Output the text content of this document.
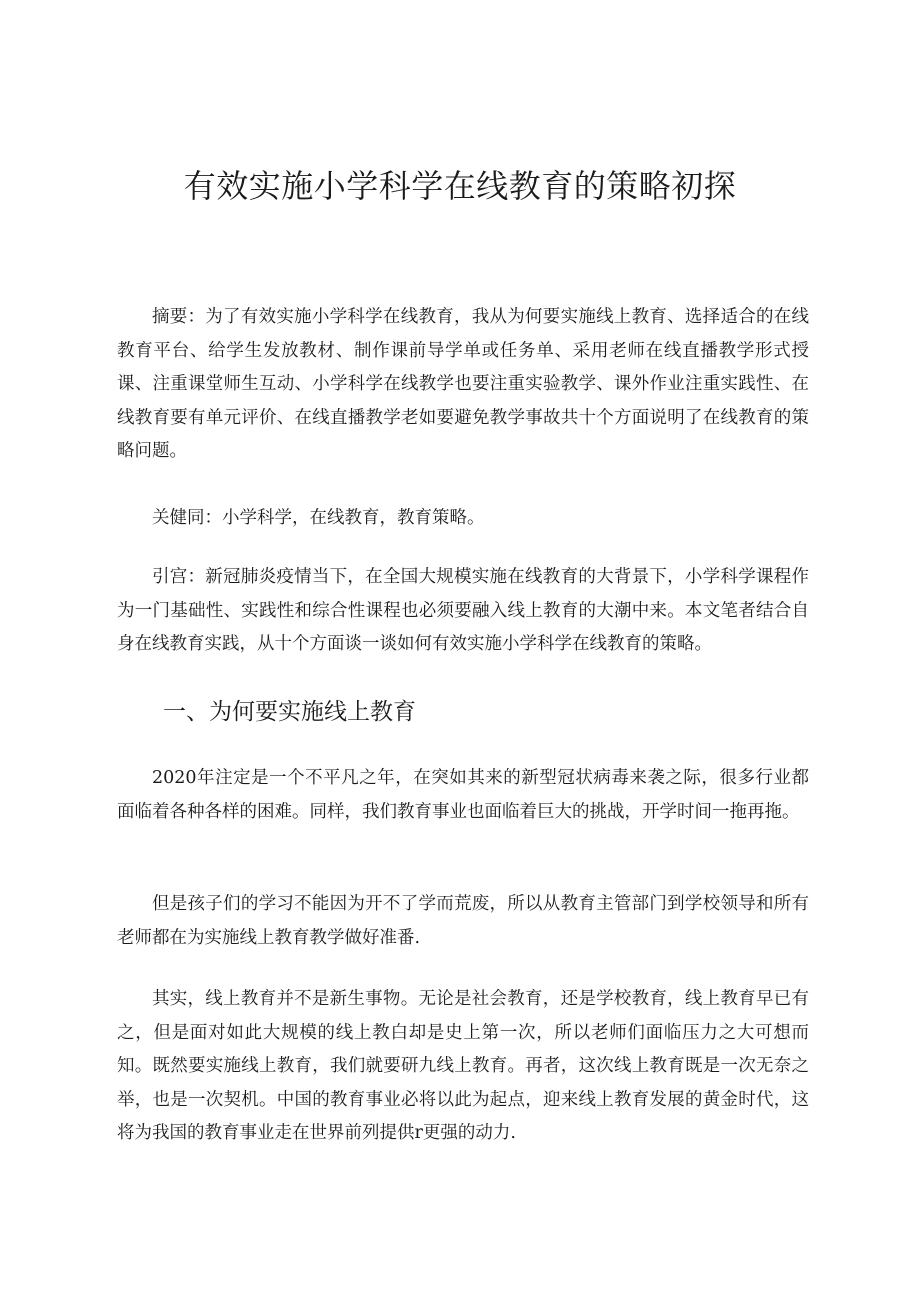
有效实施小学科学在线教育的策略初探

摘要：为了有效实施小学科学在线教育，我从为何要实施线上教育、选择适合的在线教育平台、给学生发放教材、制作课前导学单或任务单、采用老师在线直播教学形式授课、注重课堂师生互动、小学科学在线教学也要注重实验教学、课外作业注重实践性、在线教育要有单元评价、在线直播教学老如要避免教学事故共十个方面说明了在线教育的策略问题。

关健同：小学科学，在线教育，教育策略。

引宫：新冠肺炎疫情当下，在全国大规模实施在线教育的大背景下，小学科学课程作为一门基础性、实践性和综合性课程也必须要融入线上教育的大潮中来。本文笔者结合自身在线教育实践，从十个方面谈一谈如何有效实施小学科学在线教育的策略。

一、为何要实施线上教育

2020年注定是一个不平凡之年，在突如其来的新型冠状病毒来袭之际，很多行业都面临着各种各样的困难。同样，我们教育事业也面临着巨大的挑战，开学时间一拖再拖。

但是孩子们的学习不能因为开不了学而荒废，所以从教育主管部门到学校领导和所有老师都在为实施线上教育教学做好准番.

其实，线上教育并不是新生事物。无论是社会教育，还是学校教育，线上教育早已有之，但是面对如此大规模的线上教白却是史上第一次，所以老师们面临压力之大可想而知。既然要实施线上教育，我们就要研九线上教育。再者，这次线上教育既是一次无奈之举，也是一次契机。中国的教育事业必将以此为起点，迎来线上教育发展的黄金时代，这将为我国的教育事业走在世界前列提供r更强的动力.
